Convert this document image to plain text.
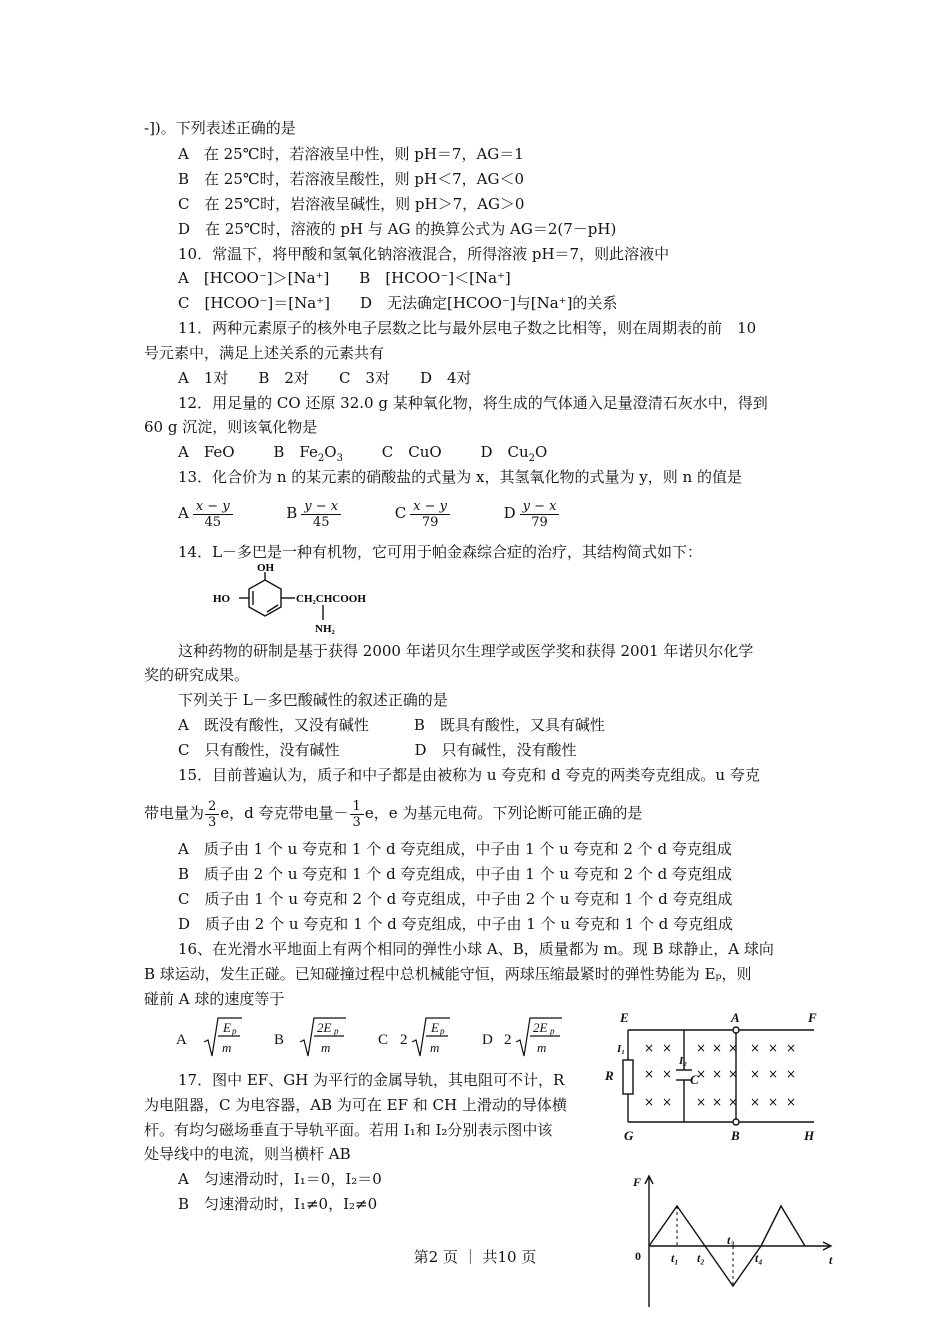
-])。下列表述正确的是
A　在 25℃时，若溶液呈中性，则 pH＝7，AG＝1
B　在 25℃时，若溶液呈酸性，则 pH＜7，AG＜0
C　在 25℃时，岩溶液呈碱性，则 pH＞7，AG＞0
D　在 25℃时，溶液的 pH 与 AG 的换算公式为 AG＝2(7－pH)
10．常温下，将甲酸和氢氧化钠溶液混合，所得溶液 pH＝7，则此溶液中
A　[HCOO⁻]＞[Na⁺]　　B　[HCOO⁻]＜[Na⁺]
C　[HCOO⁻]＝[Na⁺]　　D　无法确定[HCOO⁻]与[Na⁺]的关系
11．两种元素原子的核外电子层数之比与最外层电子数之比相等，则在周期表的前　10
号元素中，满足上述关系的元素共有
A　1对　　B　2对　　C　3对　　D　4对
12．用足量的 CO 还原 32.0 g 某种氧化物，将生成的气体通入足量澄清石灰水中，得到
60 g 沉淀，则该氧化物是
A　FeO	B　$Fe_2O_3$	C　CuO	D　$Cu_2O$
13．化合价为 n 的某元素的硝酸盐的式量为 x，其氢氧化物的式量为 y，则 n 的值是
A $\frac{x - y}{45}$	B $\frac{y - x}{45}$	C $\frac{x - y}{79}$	D $\frac{y - x}{79}$
14．L－多巴是一种有机物，它可用于帕金森综合症的治疗，其结构简式如下：
OH
HO	CH₂CHCOOH
NH₂
这种药物的研制是基于获得 2000 年诺贝尔生理学或医学奖和获得 2001 年诺贝尔化学
奖的研究成果。
下列关于 L－多巴酸碱性的叙述正确的是
A　既没有酸性，又没有碱性　　　B　既具有酸性，又具有碱性
C　只有酸性，没有碱性　　　　　D　只有碱性，没有酸性
15．目前普遍认为，质子和中子都是由被称为 u 夸克和 d 夸克的两类夸克组成。u 夸克
带电量为 $\frac{2}{3}$ e，d 夸克带电量－ $\frac{1}{3}$ e，e 为基元电荷。下列论断可能正确的是
A　质子由 1 个 u 夸克和 1 个 d 夸克组成，中子由 1 个 u 夸克和 2 个 d 夸克组成
B　质子由 2 个 u 夸克和 1 个 d 夸克组成，中子由 1 个 u 夸克和 2 个 d 夸克组成
C　质子由 1 个 u 夸克和 2 个 d 夸克组成，中子由 2 个 u 夸克和 1 个 d 夸克组成
D　质子由 2 个 u 夸克和 1 个 d 夸克组成，中子由 1 个 u 夸克和 1 个 d 夸克组成
16、在光滑水平地面上有两个相同的弹性小球 A、B，质量都为 m。现 B 球静止，A 球向
B 球运动，发生正碰。已知碰撞过程中总机械能守恒，两球压缩最紧时的弹性势能为 Eₚ，则
碰前 A 球的速度等于
A	B	C	D
2	2
E p
m
2E p
m
E p
m
2E p
m
17．图中 EF、GH 为平行的金属导轨，其电阻可不计，R
为电阻器，C 为电容器，AB 为可在 EF 和 CH 上滑动的导体横
杆。有均匀磁场垂直于导轨平面。若用 I₁和 I₂分别表示图中该
处导线中的电流，则当横杆 AB
A　匀速滑动时，I₁＝0，I₂＝0
B　匀速滑动时，I₁≠0，I₂≠0
E	A	F
G	B	H
R
I₁
I₂
C
× × × × × × × ×
× × × × × × × ×
× × × × × × × ×
F
0	t
t₁ t₂
t₃
t₄
第2 页 ｜ 共10 页
